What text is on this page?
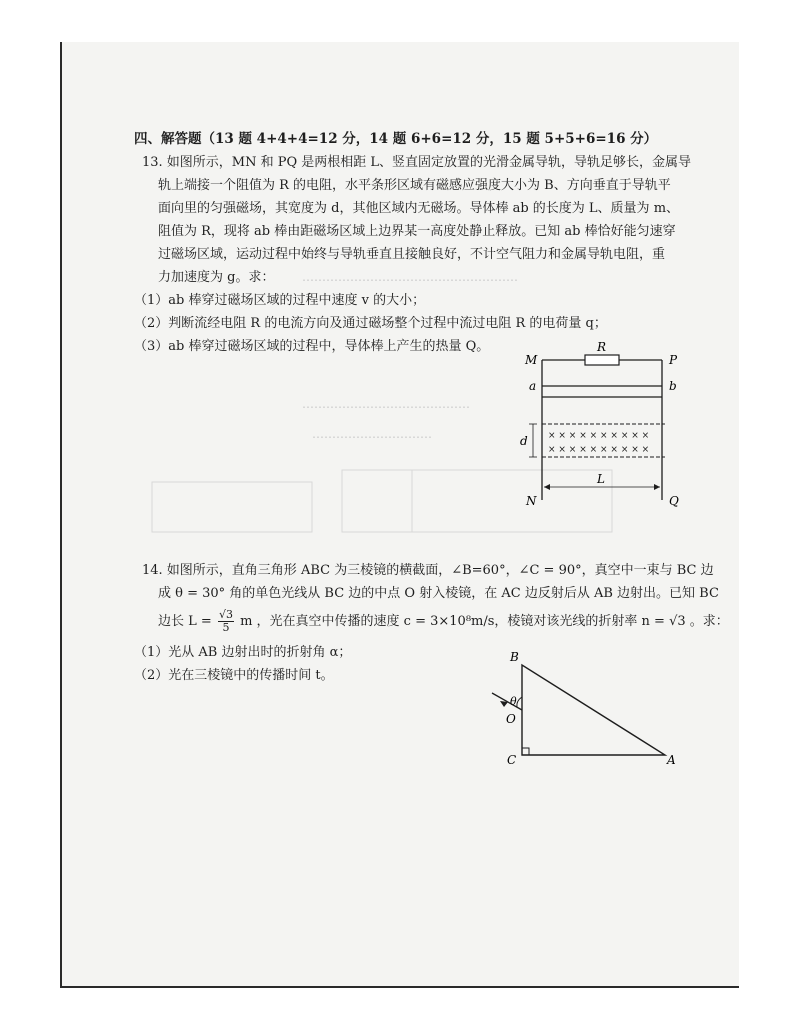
………………………………………………
……………………………………
…………………………
四、解答题（13 题 4+4+4=12 分，14 题 6+6=12 分，15 题 5+5+6=16 分）
13. 如图所示，MN 和 PQ 是两根相距 L、竖直固定放置的光滑金属导轨，导轨足够长，金属导
轨上端接一个阻值为 R 的电阻，水平条形区域有磁感应强度大小为 B、方向垂直于导轨平
面向里的匀强磁场，其宽度为 d，其他区域内无磁场。导体棒 ab 的长度为 L、质量为 m、
阻值为 R，现将 ab 棒由距磁场区域上边界某一高度处静止释放。已知 ab 棒恰好能匀速穿
过磁场区域，运动过程中始终与导轨垂直且接触良好，不计空气阻力和金属导轨电阻，重
力加速度为 g。求：
（1）ab 棒穿过磁场区域的过程中速度 v 的大小；
（2）判断流经电阻 R 的电流方向及通过磁场整个过程中流过电阻 R 的电荷量 q；
（3）ab 棒穿过磁场区域的过程中，导体棒上产生的热量 Q。
× × × × × × × × × ×
× × × × × × × × × ×
M	P
R
a	b
d
N	Q
L
14. 如图所示，直角三角形 ABC 为三棱镜的横截面，∠B=60°，∠C = 90°，真空中一束与 BC 边
成 θ = 30° 角的单色光线从 BC 边的中点 O 射入棱镜，在 AC 边反射后从 AB 边射出。已知 BC
边长 $L = \frac{√3}{5}$ m ，光在真空中传播的速度 c = 3×10⁸m/s，棱镜对该光线的折射率 n = √3 。求：
（1）光从 AB 边射出时的折射角 α；
（2）光在三棱镜中的传播时间 t。
B
θ
O
C	A
